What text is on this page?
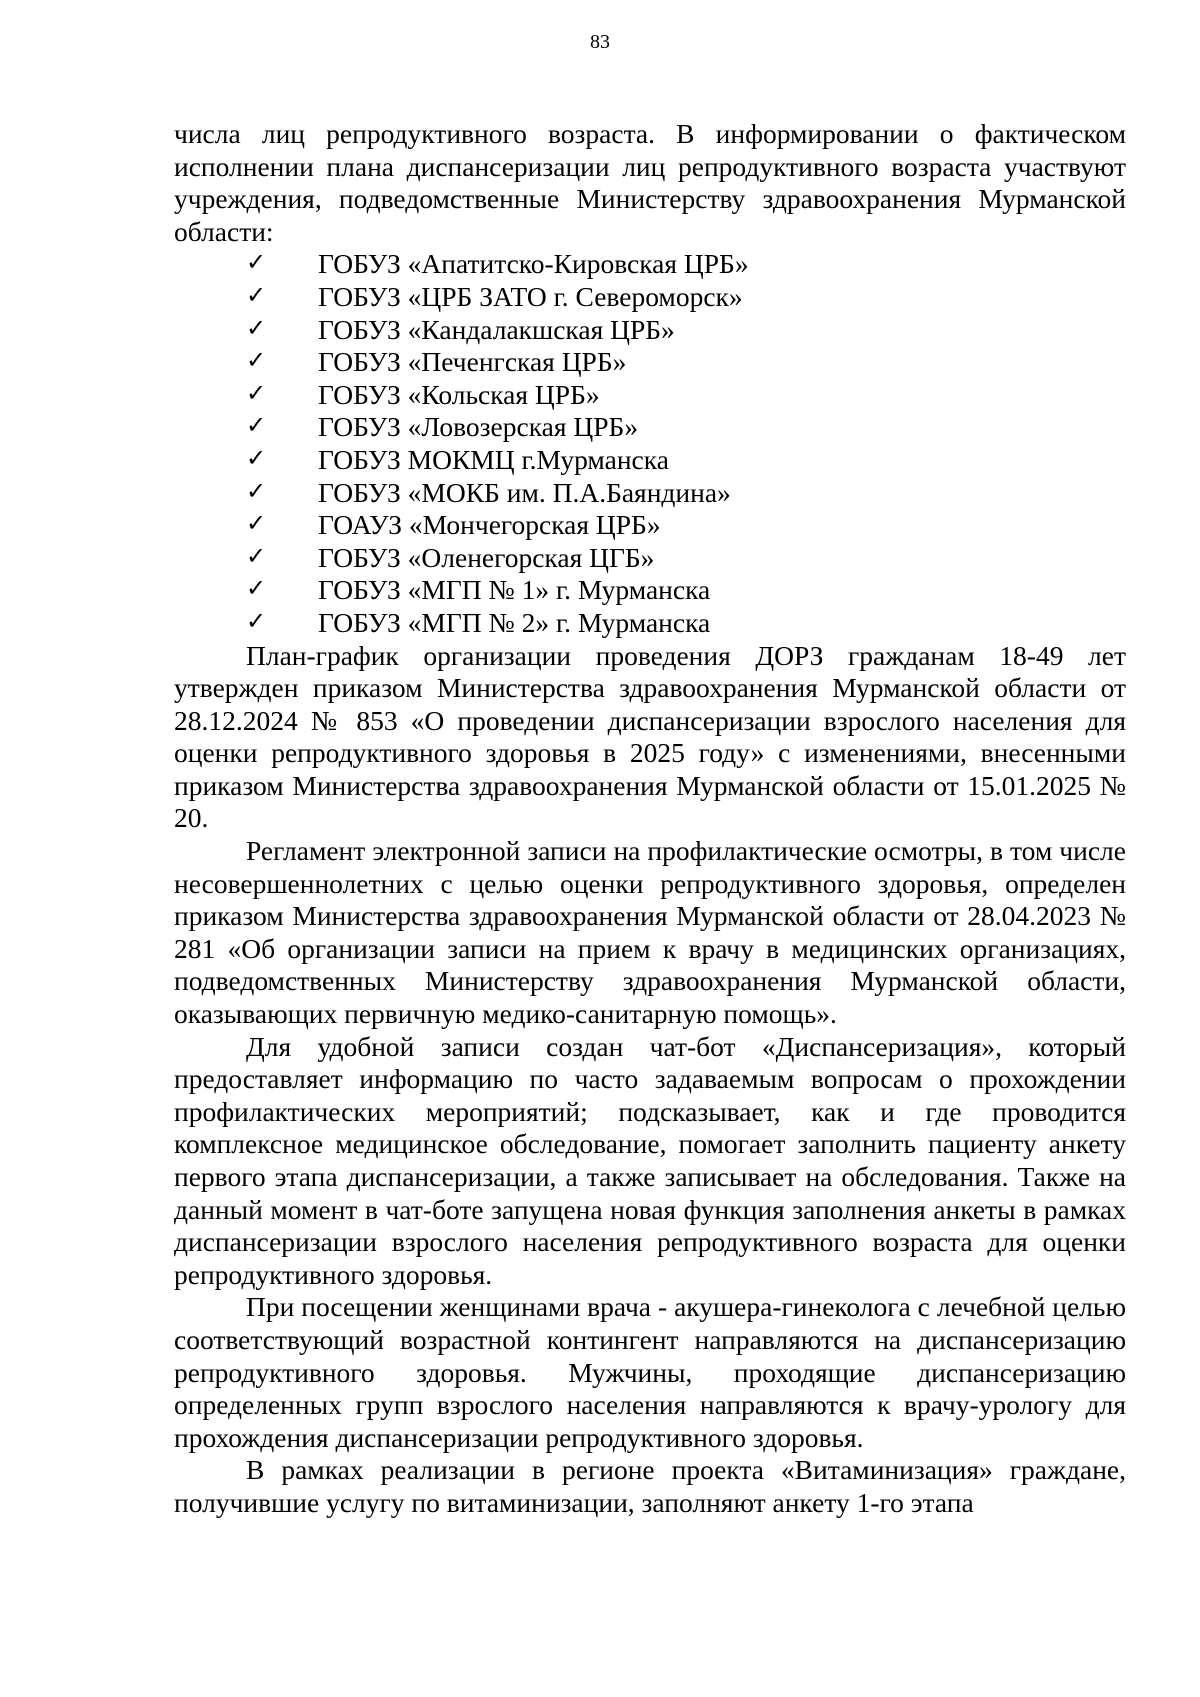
83

числа лиц репродуктивного возраста. В информировании о фактическом исполнении плана диспансеризации лиц репродуктивного возраста участвуют учреждения, подведомственные Министерству здравоохранения Мурманской области:

✓ ГОБУЗ «Апатитско-Кировская ЦРБ»
✓ ГОБУЗ «ЦРБ ЗАТО г. Североморск»
✓ ГОБУЗ «Кандалакшская ЦРБ»
✓ ГОБУЗ «Печенгская ЦРБ»
✓ ГОБУЗ «Кольская ЦРБ»
✓ ГОБУЗ «Ловозерская ЦРБ»
✓ ГОБУЗ МОКМЦ г.Мурманска
✓ ГОБУЗ «МОКБ им. П.А.Баяндина»
✓ ГОАУЗ «Мончегорская ЦРБ»
✓ ГОБУЗ «Оленегорская ЦГБ»
✓ ГОБУЗ «МГП № 1» г. Мурманска
✓ ГОБУЗ «МГП № 2» г. Мурманска

План-график организации проведения ДОРЗ гражданам 18-49 лет утвержден приказом Министерства здравоохранения Мурманской области от 28.12.2024 № 853 «О проведении диспансеризации взрослого населения для оценки репродуктивного здоровья в 2025 году» с изменениями, внесенными приказом Министерства здравоохранения Мурманской области от 15.01.2025 № 20.

Регламент электронной записи на профилактические осмотры, в том числе несовершеннолетних с целью оценки репродуктивного здоровья, определен приказом Министерства здравоохранения Мурманской области от 28.04.2023 № 281 «Об организации записи на прием к врачу в медицинских организациях, подведомственных Министерству здравоохранения Мурманской области, оказывающих первичную медико-санитарную помощь».

Для удобной записи создан чат-бот «Диспансеризация», который предоставляет информацию по часто задаваемым вопросам о прохождении профилактических мероприятий; подсказывает, как и где проводится комплексное медицинское обследование, помогает заполнить пациенту анкету первого этапа диспансеризации, а также записывает на обследования. Также на данный момент в чат-боте запущена новая функция заполнения анкеты в рамках диспансеризации взрослого населения репродуктивного возраста для оценки репродуктивного здоровья.

При посещении женщинами врача - акушера-гинеколога с лечебной целью соответствующий возрастной контингент направляются на диспансеризацию репродуктивного здоровья. Мужчины, проходящие диспансеризацию определенных групп взрослого населения направляются к врачу-урологу для прохождения диспансеризации репродуктивного здоровья.

В рамках реализации в регионе проекта «Витаминизация» граждане, получившие услугу по витаминизации, заполняют анкету 1-го этапа
